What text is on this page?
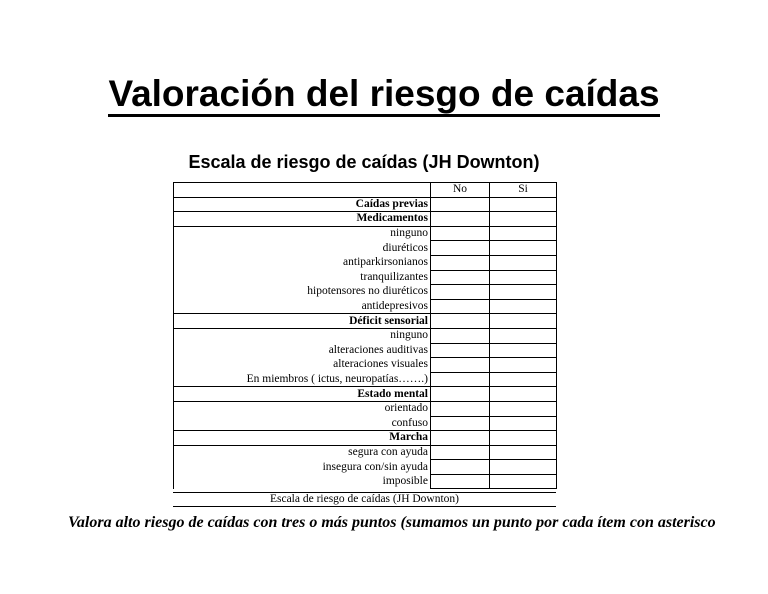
Valoración del riesgo de caídas
Escala de riesgo de caídas (JH Downton)
	No	Si
Caídas previas		
Medicamentos		
ninguno		
diuréticos		
antiparkirsonianos		
tranquilizantes		
hipotensores no diuréticos		
antidepresivos		
Déficit sensorial		
ninguno		
alteraciones auditivas		
alteraciones visuales		
En miembros ( ictus, neuropatías…….)		
Estado mental		
orientado		
confuso		
Marcha		
segura con ayuda		
insegura con/sin ayuda		
imposible		
Escala de riesgo de caídas (JH Downton)
Valora alto riesgo de caídas con tres o más puntos (sumamos un punto por cada ítem con asterisco
